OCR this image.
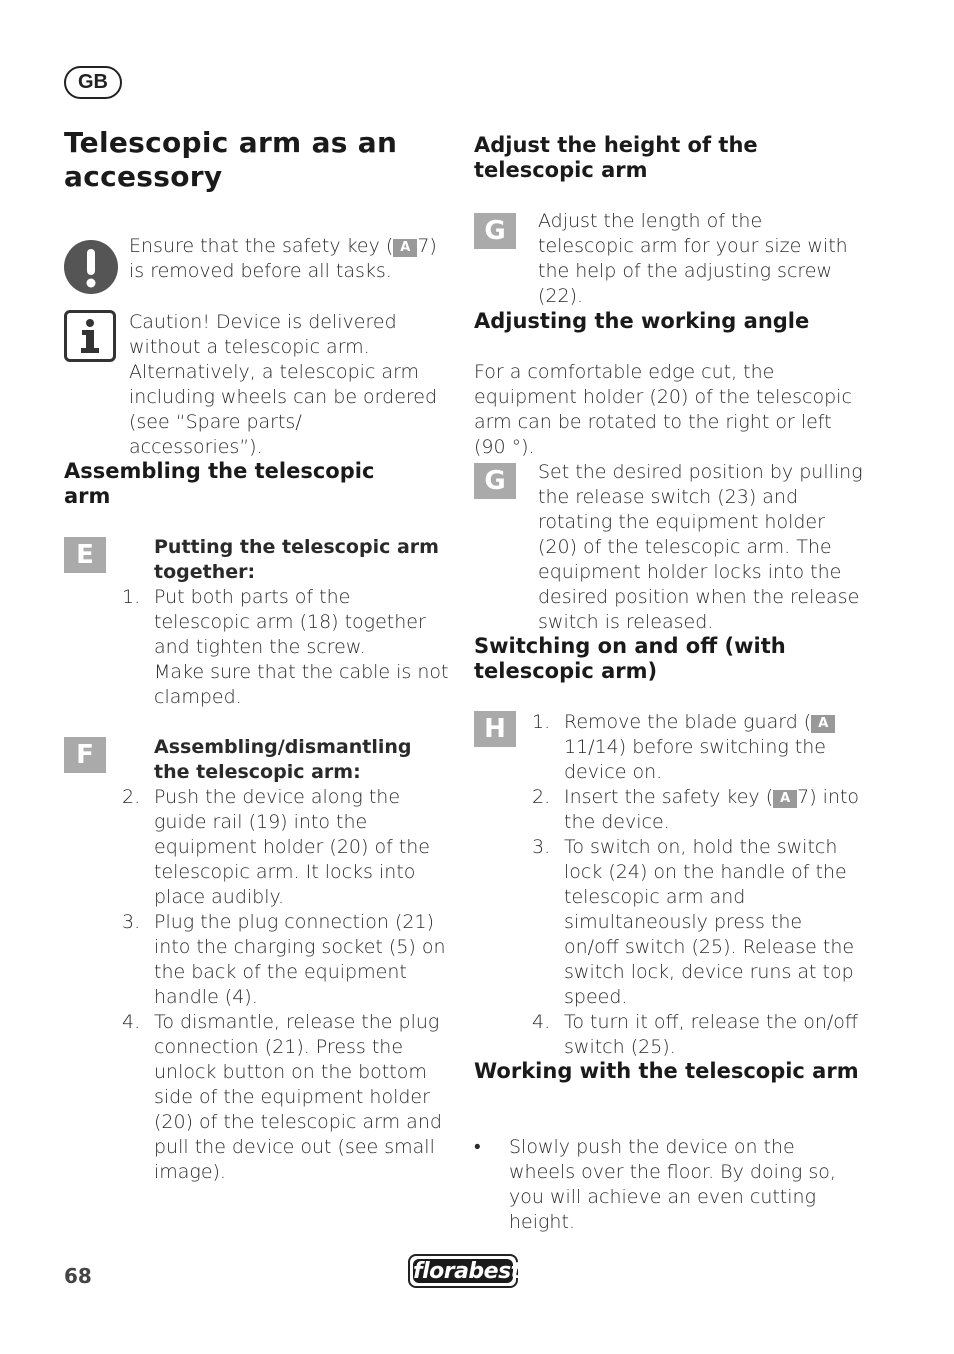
GB
Telescopic arm as an accessory
Ensure that the safety key ( A 7) is removed before all tasks.

Caution! Device is delivered without a telescopic arm. Alternatively, a telescopic arm including wheels can be ordered (see “Spare parts/ accessories”).

Assembling the telescopic arm
E	Putting the telescopic arm together:

1. Put both parts of the telescopic arm (18) together and tighten the screw.
Make sure that the cable is not clamped.
F	Assembling/dismantling the telescopic arm:

2. Push the device along the guide rail (19) into the equipment holder (20) of the telescopic arm. It locks into place audibly.
3. Plug the plug connection (21) into the charging socket (5) on the back of the equipment handle (4).
4. To dismantle, release the plug connection (21). Press the unlock button on the bottom side of the equipment holder (20) of the telescopic arm and pull the device out (see small image).
Adjust the height of the telescopic arm
G	Adjust the length of the telescopic arm for your size with the help of the adjusting screw (22).

Adjusting the working angle

For a comfortable edge cut, the equipment holder (20) of the telescopic arm can be rotated to the right or left (90 °).

G	Set the desired position by pulling the release switch (23) and rotating the equipment holder (20) of the telescopic arm. The equipment holder locks into the desired position when the release switch is released.

Switching on and off (with telescopic arm)
H	1. Remove the blade guard ( A 11/14) before switching the device on.
2. Insert the safety key ( A 7) into the device.
3. To switch on, hold the switch lock (24) on the handle of the telescopic arm and simultaneously press the on/off switch (25). Release the switch lock, device runs at top speed.
4. To turn it off, release the on/off switch (25).
Working with the telescopic arm
• Slowly push the device on the wheels over the floor. By doing so, you will achieve an even cutting height.
68	florabest
